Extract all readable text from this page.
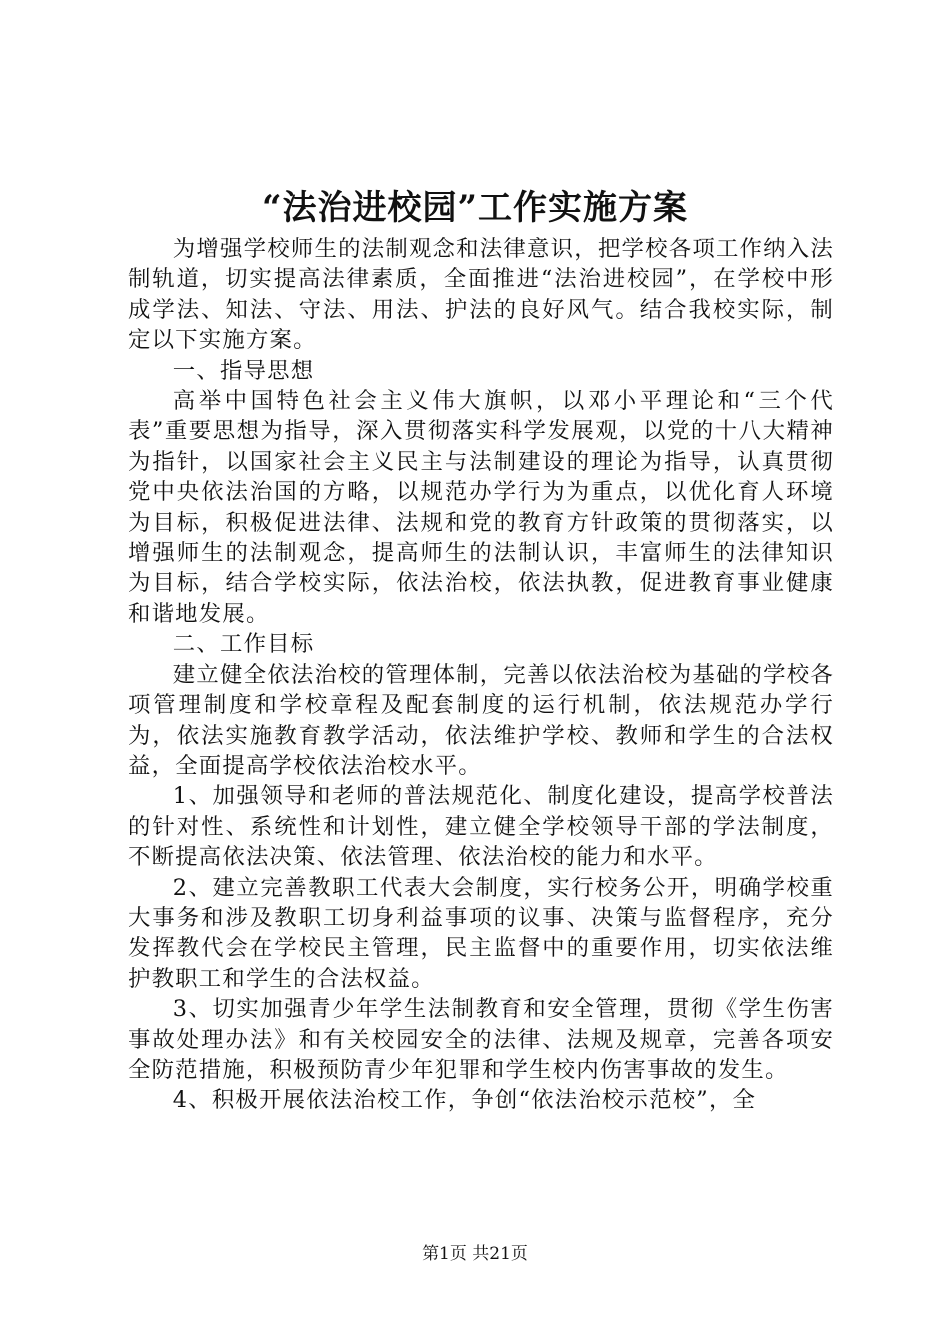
“法治进校园”工作实施方案

为增强学校师生的法制观念和法律意识，把学校各项工作纳入法制轨道，切实提高法律素质，全面推进“法治进校园”，在学校中形成学法、知法、守法、用法、护法的良好风气。结合我校实际，制定以下实施方案。

一、指导思想

高举中国特色社会主义伟大旗帜，以邓小平理论和“三个代表”重要思想为指导，深入贯彻落实科学发展观，以党的十八大精神为指针，以国家社会主义民主与法制建设的理论为指导，认真贯彻党中央依法治国的方略，以规范办学行为为重点，以优化育人环境为目标，积极促进法律、法规和党的教育方针政策的贯彻落实，以增强师生的法制观念，提高师生的法制认识，丰富师生的法律知识为目标，结合学校实际，依法治校，依法执教，促进教育事业健康和谐地发展。

二、工作目标

建立健全依法治校的管理体制，完善以依法治校为基础的学校各项管理制度和学校章程及配套制度的运行机制，依法规范办学行为，依法实施教育教学活动，依法维护学校、教师和学生的合法权益，全面提高学校依法治校水平。

1、加强领导和老师的普法规范化、制度化建设，提高学校普法的针对性、系统性和计划性，建立健全学校领导干部的学法制度，不断提高依法决策、依法管理、依法治校的能力和水平。

2、建立完善教职工代表大会制度，实行校务公开，明确学校重大事务和涉及教职工切身利益事项的议事、决策与监督程序，充分发挥教代会在学校民主管理，民主监督中的重要作用，切实依法维护教职工和学生的合法权益。

3、切实加强青少年学生法制教育和安全管理，贯彻《学生伤害事故处理办法》和有关校园安全的法律、法规及规章，完善各项安全防范措施，积极预防青少年犯罪和学生校内伤害事故的发生。

4、积极开展依法治校工作，争创“依法治校示范校”，全

第1页 共21页
